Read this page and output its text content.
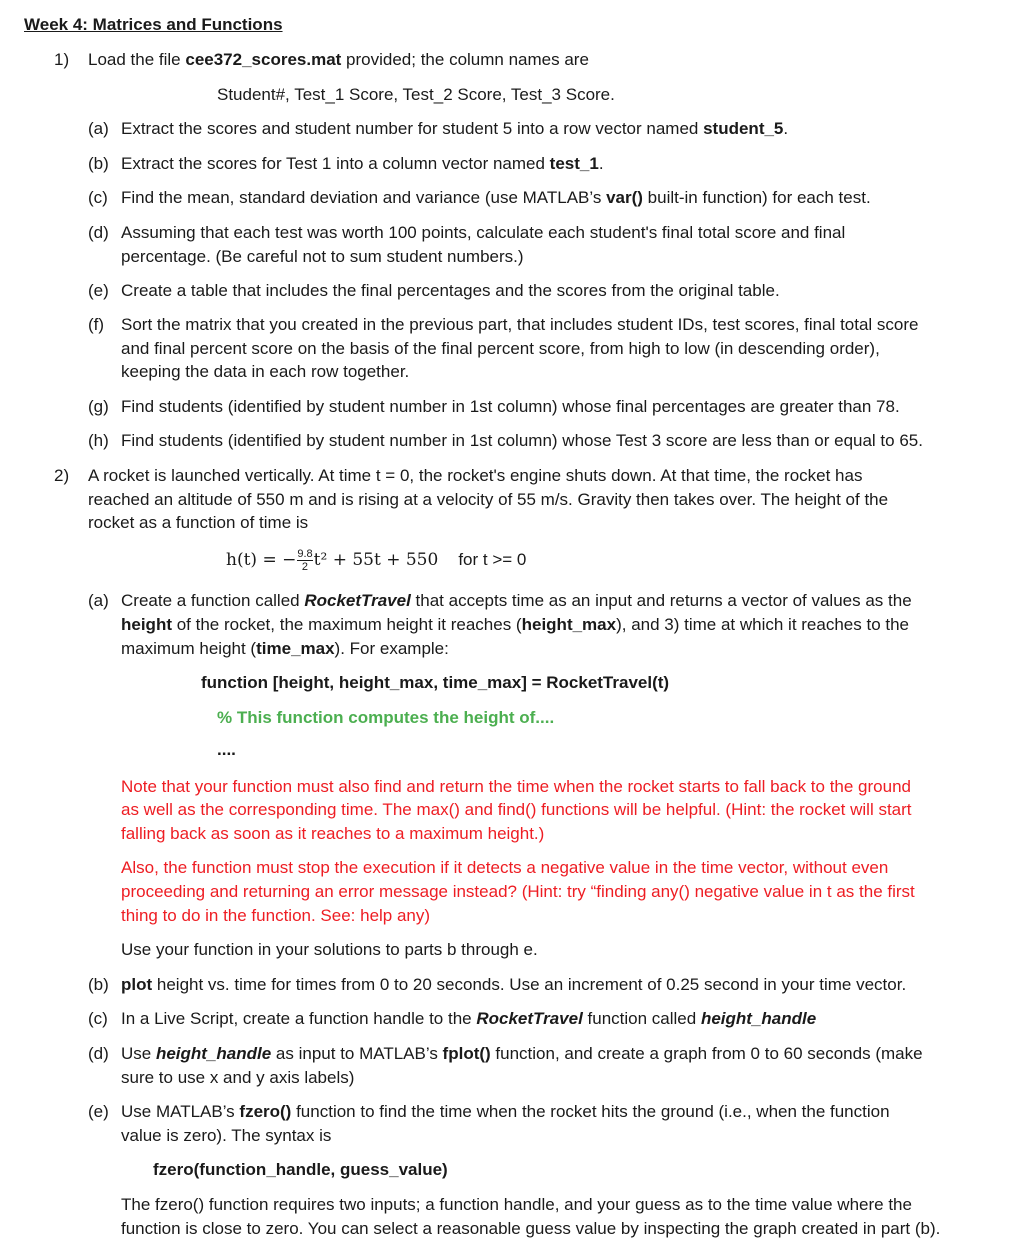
Week 4: Matrices and Functions
1) Load the file cee372_scores.mat provided; the column names are
Student#, Test_1 Score, Test_2 Score, Test_3 Score.
(a) Extract the scores and student number for student 5 into a row vector named student_5.
(b) Extract the scores for Test 1 into a column vector named test_1.
(c) Find the mean, standard deviation and variance (use MATLAB’s var() built-in function) for each test.
(d) Assuming that each test was worth 100 points, calculate each student's final total score and final
percentage. (Be careful not to sum student numbers.)
(e) Create a table that includes the final percentages and the scores from the original table.
(f) Sort the matrix that you created in the previous part, that includes student IDs, test scores, final total score
and final percent score on the basis of the final percent score, from high to low (in descending order),
keeping the data in each row together.
(g) Find students (identified by student number in 1st column) whose final percentages are greater than 78.
(h) Find students (identified by student number in 1st column) whose Test 3 score are less than or equal to 65.
2) A rocket is launched vertically. At time t = 0, the rocket's engine shuts down. At that time, the rocket has
reached an altitude of 550 m and is rising at a velocity of 55 m/s. Gravity then takes over. The height of the
rocket as a function of time is
h(t) = − $\frac{9.8}{2} t^2 + 55t + 550$ for t >= 0
(a) Create a function called RocketTravel that accepts time as an input and returns a vector of values as the
height of the rocket, the maximum height it reaches (height_max), and 3) time at which it reaches to the
maximum height (time_max). For example:
function [height, height_max, time_max] = RocketTravel(t)
% This function computes the height of....
....
Note that your function must also find and return the time when the rocket starts to fall back to the ground
as well as the corresponding time. The max() and find() functions will be helpful. (Hint: the rocket will start
falling back as soon as it reaches to a maximum height.)
Also, the function must stop the execution if it detects a negative value in the time vector, without even
proceeding and returning an error message instead? (Hint: try “finding any() negative value in t as the first
thing to do in the function. See: help any)
Use your function in your solutions to parts b through e.
(b) plot height vs. time for times from 0 to 20 seconds. Use an increment of 0.25 second in your time vector.
(c) In a Live Script, create a function handle to the RocketTravel function called height_handle
(d) Use height_handle as input to MATLAB’s fplot() function, and create a graph from 0 to 60 seconds (make
sure to use x and y axis labels)
(e) Use MATLAB’s fzero() function to find the time when the rocket hits the ground (i.e., when the function
value is zero). The syntax is
fzero(function_handle, guess_value)
The fzero() function requires two inputs; a function handle, and your guess as to the time value where the
function is close to zero. You can select a reasonable guess value by inspecting the graph created in part (b).
